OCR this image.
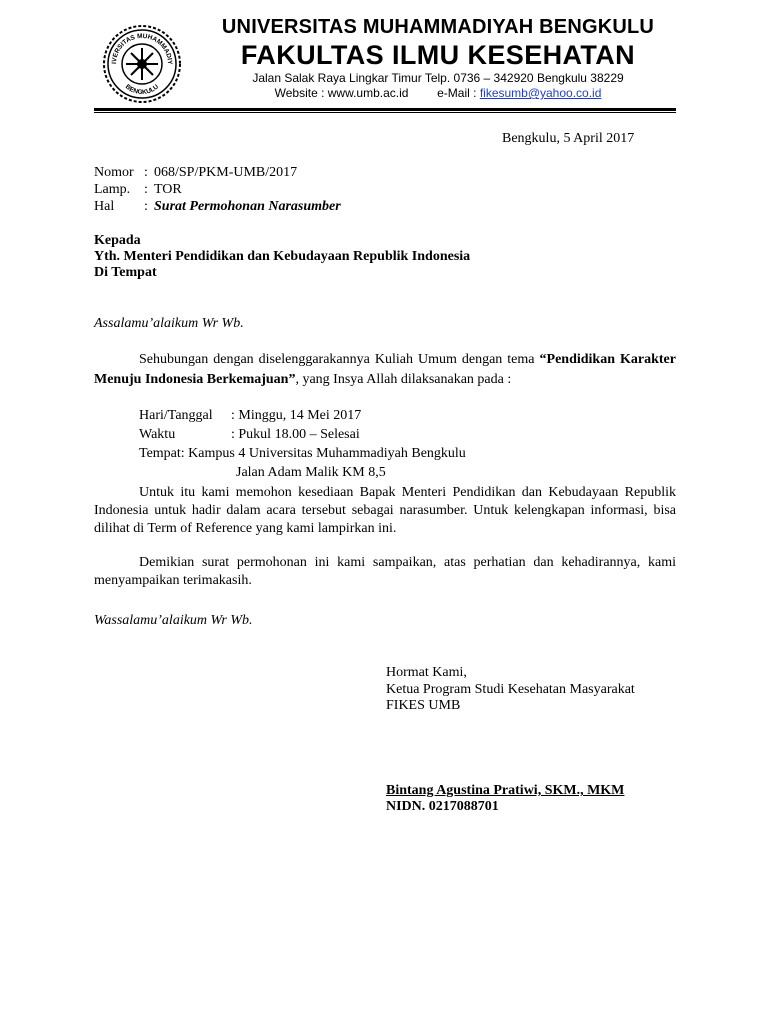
IVERSITAS MUHAMMADIY
BENGKULU
UNIVERSITAS MUHAMMADIYAH BENGKULU
FAKULTAS ILMU KESEHATAN
Jalan Salak Raya Lingkar Timur Telp. 0736 – 342920 Bengkulu 38229
Website : www.umb.ac.id e-Mail : fikesumb@yahoo.co.id
Bengkulu, 5 April 2017
Nomor : 068/SP/PKM-UMB/2017
Lamp. : TOR
Hal : Surat Permohonan Narasumber
Kepada
Yth. Menteri Pendidikan dan Kebudayaan Republik Indonesia
Di Tempat
Assalamu’alaikum Wr Wb.
Sehubungan dengan diselenggarakannya Kuliah Umum dengan tema “Pendidikan Karakter Menuju Indonesia Berkemajuan”, yang Insya Allah dilaksanakan pada :
Hari/Tanggal : Minggu, 14 Mei 2017
Waktu	: Pukul 18.00 – Selesai
Tempat: Kampus 4 Universitas Muhammadiyah Bengkulu
Jalan Adam Malik KM 8,5
Untuk itu kami memohon kesediaan Bapak Menteri Pendidikan dan Kebudayaan Republik Indonesia untuk hadir dalam acara tersebut sebagai narasumber. Untuk kelengkapan informasi, bisa dilihat di Term of Reference yang kami lampirkan ini.
Demikian surat permohonan ini kami sampaikan, atas perhatian dan kehadirannya, kami menyampaikan terimakasih.
Wassalamu’alaikum Wr Wb.
Hormat Kami,
Ketua Program Studi Kesehatan Masyarakat
FIKES UMB
Bintang Agustina Pratiwi, SKM., MKM
NIDN. 0217088701
